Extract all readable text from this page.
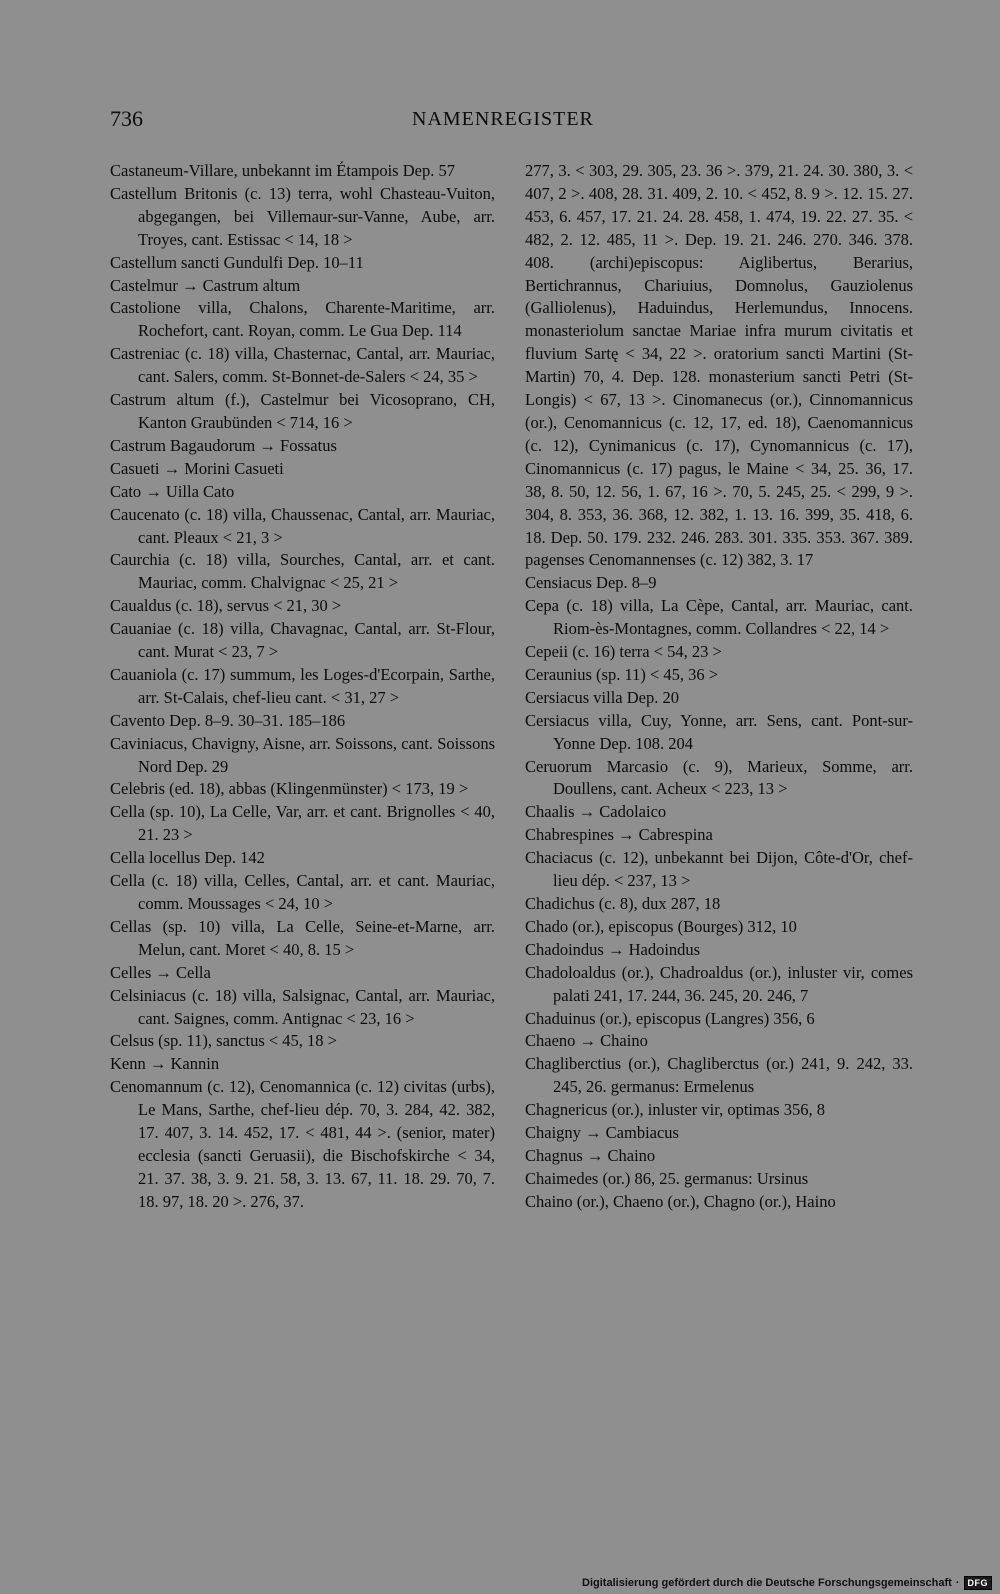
736	NAMENREGISTER

Castaneum-Villare, unbekannt im Étampois Dep. 57

Castellum Britonis (c. 13) terra, wohl Chasteau-Vuiton, abgegangen, bei Villemaur-sur-Vanne, Aube, arr. Troyes, cant. Estissac < 14, 18 >

Castellum sancti Gundulfi Dep. 10–11

Castelmur → Castrum altum

Castolione villa, Chalons, Charente-Maritime, arr. Rochefort, cant. Royan, comm. Le Gua Dep. 114

Castreniac (c. 18) villa, Chasternac, Cantal, arr. Mauriac, cant. Salers, comm. St-Bonnet-de-Salers < 24, 35 >

Castrum altum (f.), Castelmur bei Vicosoprano, CH, Kanton Graubünden < 714, 16 >

Castrum Bagaudorum → Fossatus

Casueti → Morini Casueti

Cato → Uilla Cato

Caucenato (c. 18) villa, Chaussenac, Cantal, arr. Mauriac, cant. Pleaux < 21, 3 >

Caurchia (c. 18) villa, Sourches, Cantal, arr. et cant. Mauriac, comm. Chalvignac < 25, 21 >

Caualdus (c. 18), servus < 21, 30 >

Cauaniae (c. 18) villa, Chavagnac, Cantal, arr. St-Flour, cant. Murat < 23, 7 >

Cauaniola (c. 17) summum, les Loges-d'Ecorpain, Sarthe, arr. St-Calais, chef-lieu cant. < 31, 27 >

Cavento Dep. 8–9. 30–31. 185–186

Caviniacus, Chavigny, Aisne, arr. Soissons, cant. Soissons Nord Dep. 29

Celebris (ed. 18), abbas (Klingenmünster) < 173, 19 >

Cella (sp. 10), La Celle, Var, arr. et cant. Brignolles < 40, 21. 23 >

Cella locellus Dep. 142

Cella (c. 18) villa, Celles, Cantal, arr. et cant. Mauriac, comm. Moussages < 24, 10 >

Cellas (sp. 10) villa, La Celle, Seine-et-Marne, arr. Melun, cant. Moret < 40, 8. 15 >

Celles → Cella

Celsiniacus (c. 18) villa, Salsignac, Cantal, arr. Mauriac, cant. Saignes, comm. Antignac < 23, 16 >

Celsus (sp. 11), sanctus < 45, 18 >

Kenn → Kannin

Cenomannum (c. 12), Cenomannica (c. 12) civitas (urbs), Le Mans, Sarthe, chef-lieu dép. 70, 3. 284, 42. 382, 17. 407, 3. 14. 452, 17. < 481, 44 >. (senior, mater) ecclesia (sancti Geruasii), die Bischofskirche < 34, 21. 37. 38, 3. 9. 21. 58, 3. 13. 67, 11. 18. 29. 70, 7. 18. 97, 18. 20 >. 276, 37.

277, 3. < 303, 29. 305, 23. 36 >. 379, 21. 24. 30. 380, 3. < 407, 2 >. 408, 28. 31. 409, 2. 10. < 452, 8. 9 >. 12. 15. 27. 453, 6. 457, 17. 21. 24. 28. 458, 1. 474, 19. 22. 27. 35. < 482, 2. 12. 485, 11 >. Dep. 19. 21. 246. 270. 346. 378. 408. (archi)episcopus: Aiglibertus, Berarius, Bertichrannus, Chariuius, Domnolus, Gauziolenus (Galliolenus), Haduindus, Herlemundus, Innocens. monasteriolum sanctae Mariae infra murum civitatis et fluvium Sartę < 34, 22 >. oratorium sancti Martini (St-Martin) 70, 4. Dep. 128. monasterium sancti Petri (St-Longis) < 67, 13 >. Cinomanecus (or.), Cinnomannicus (or.), Cenomannicus (c. 12, 17, ed. 18), Caenomannicus (c. 12), Cynimanicus (c. 17), Cynomannicus (c. 17), Cinomannicus (c. 17) pagus, le Maine < 34, 25. 36, 17. 38, 8. 50, 12. 56, 1. 67, 16 >. 70, 5. 245, 25. < 299, 9 >. 304, 8. 353, 36. 368, 12. 382, 1. 13. 16. 399, 35. 418, 6. 18. Dep. 50. 179. 232. 246. 283. 301. 335. 353. 367. 389. pagenses Cenomannenses (c. 12) 382, 3. 17

Censiacus Dep. 8–9

Cepa (c. 18) villa, La Cèpe, Cantal, arr. Mauriac, cant. Riom-ès-Montagnes, comm. Collandres < 22, 14 >

Cepeii (c. 16) terra < 54, 23 >

Ceraunius (sp. 11) < 45, 36 >

Cersiacus villa Dep. 20

Cersiacus villa, Cuy, Yonne, arr. Sens, cant. Pont-sur-Yonne Dep. 108. 204

Ceruorum Marcasio (c. 9), Marieux, Somme, arr. Doullens, cant. Acheux < 223, 13 >

Chaalis → Cadolaico

Chabrespines → Cabrespina

Chaciacus (c. 12), unbekannt bei Dijon, Côte-d'Or, chef-lieu dép. < 237, 13 >

Chadichus (c. 8), dux 287, 18

Chado (or.), episcopus (Bourges) 312, 10

Chadoindus → Hadoindus

Chadoloaldus (or.), Chadroaldus (or.), inluster vir, comes palati 241, 17. 244, 36. 245, 20. 246, 7

Chaduinus (or.), episcopus (Langres) 356, 6

Chaeno → Chaino

Chagliberctius (or.), Chagliberctus (or.) 241, 9. 242, 33. 245, 26. germanus: Ermelenus

Chagnericus (or.), inluster vir, optimas 356, 8

Chaigny → Cambiacus

Chagnus → Chaino

Chaimedes (or.) 86, 25. germanus: Ursinus

Chaino (or.), Chaeno (or.), Chagno (or.), Haino

Digitalisierung gefördert durch die Deutsche Forschungsgemeinschaft · DFG
